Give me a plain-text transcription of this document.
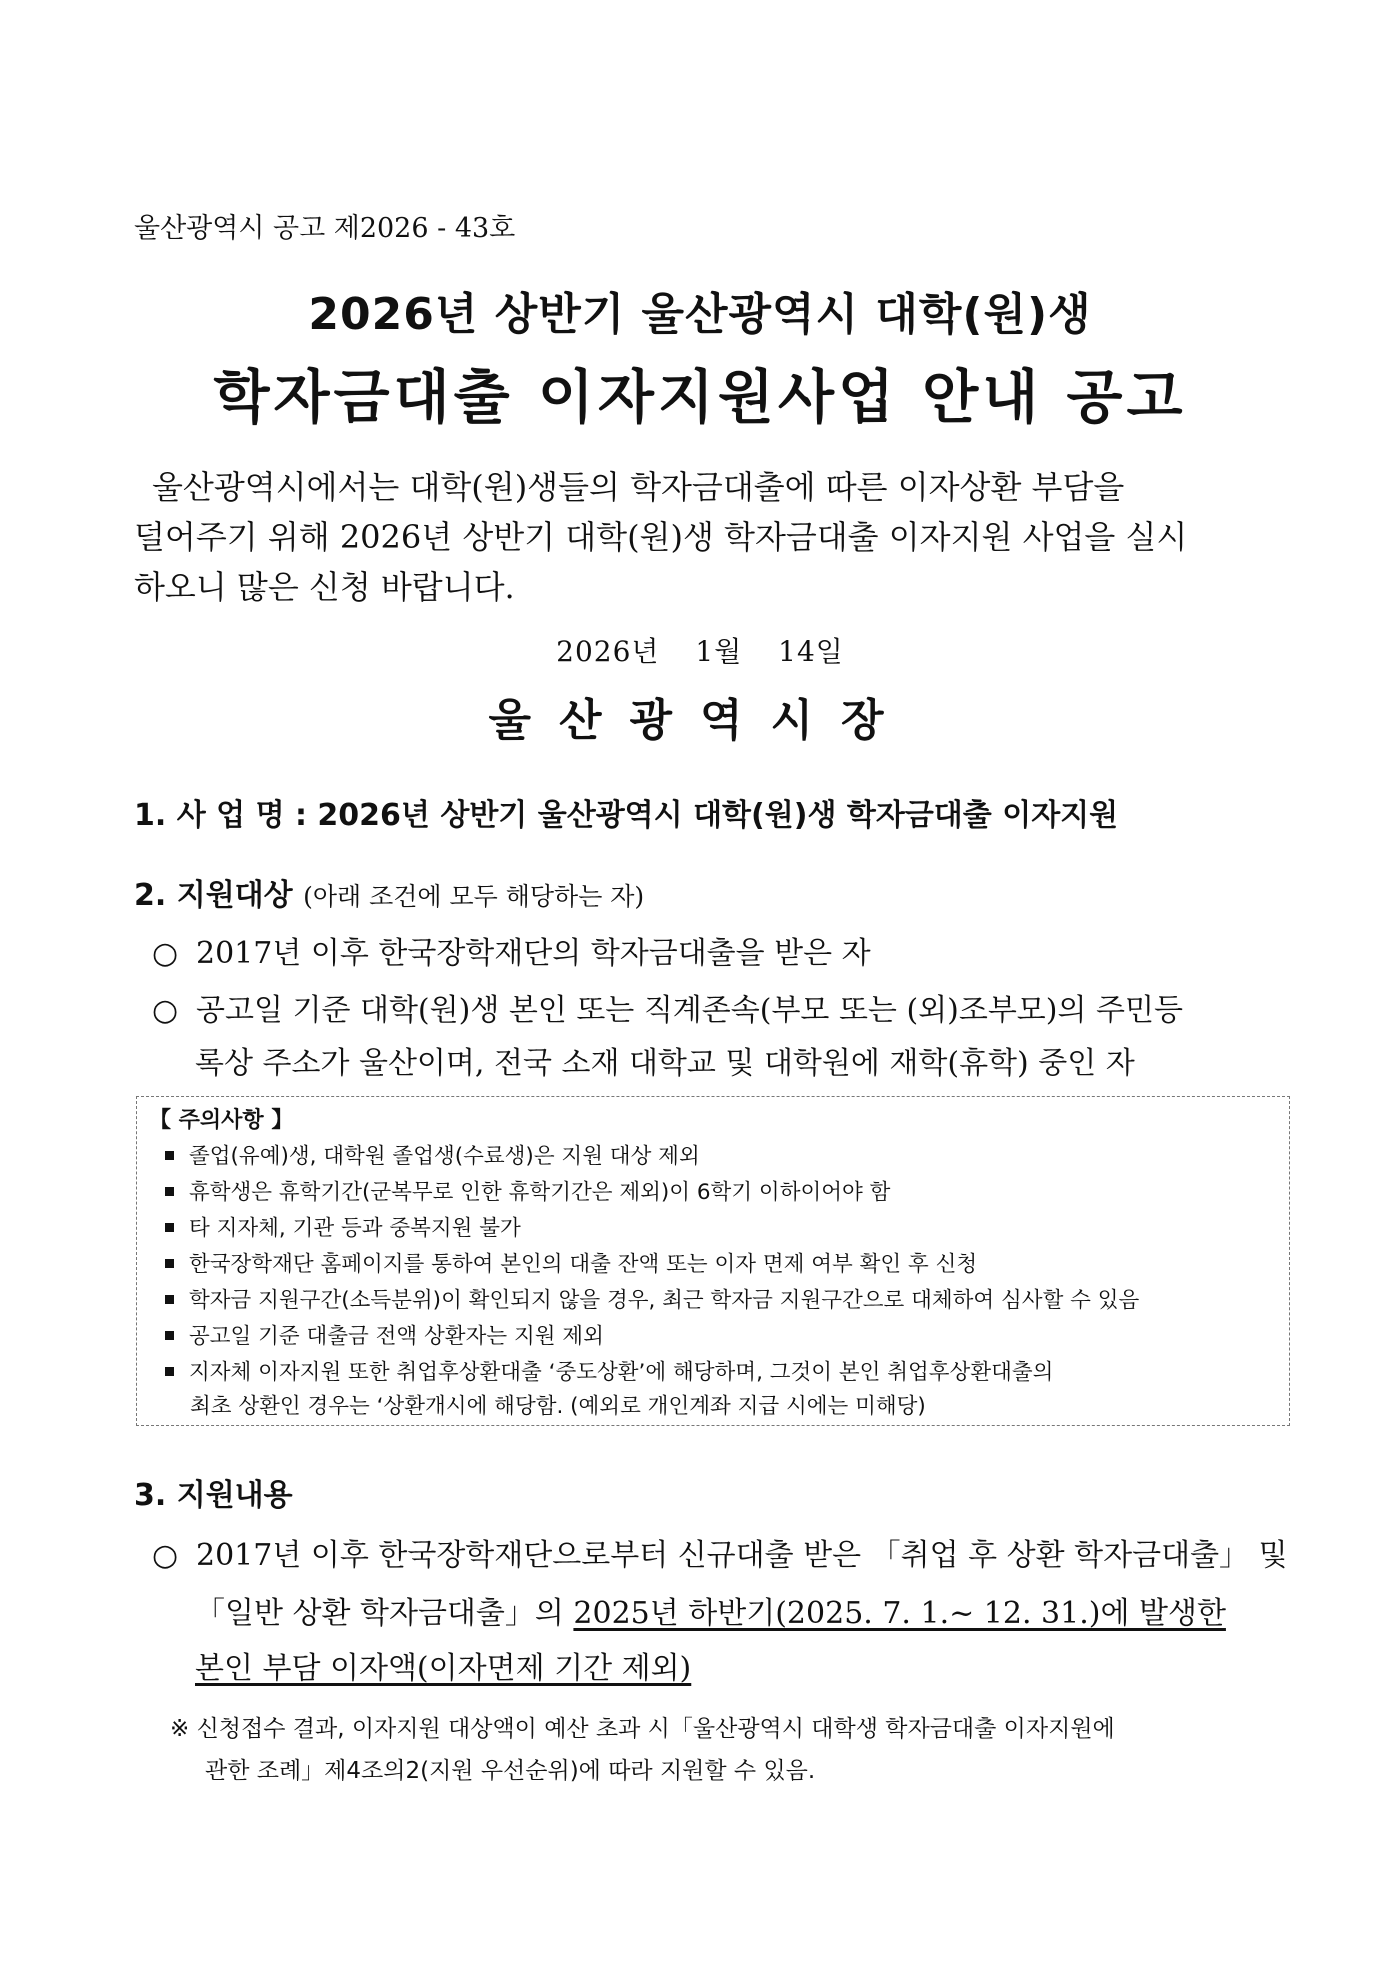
울산광역시 공고 제2026 - 43호
2026년 상반기 울산광역시 대학(원)생
학자금대출 이자지원사업 안내 공고
울산광역시에서는 대학(원)생들의 학자금대출에 따른 이자상환 부담을
덜어주기 위해 2026년 상반기 대학(원)생 학자금대출 이자지원 사업을 실시
하오니 많은 신청 바랍니다.
2026년 1월 14일
울산광역시장
1. 사 업 명 : 2026년 상반기 울산광역시 대학(원)생 학자금대출 이자지원
2. 지원대상 (아래 조건에 모두 해당하는 자)
○ 2017년 이후 한국장학재단의 학자금대출을 받은 자
○ 공고일 기준 대학(원)생 본인 또는 직계존속(부모 또는 (외)조부모)의 주민등
록상 주소가 울산이며, 전국 소재 대학교 및 대학원에 재학(휴학) 중인 자
【 주의사항 】
졸업(유예)생, 대학원 졸업생(수료생)은 지원 대상 제외
휴학생은 휴학기간(군복무로 인한 휴학기간은 제외)이 6학기 이하이어야 함
타 지자체, 기관 등과 중복지원 불가
한국장학재단 홈페이지를 통하여 본인의 대출 잔액 또는 이자 면제 여부 확인 후 신청
학자금 지원구간(소득분위)이 확인되지 않을 경우, 최근 학자금 지원구간으로 대체하여 심사할 수 있음
공고일 기준 대출금 전액 상환자는 지원 제외
지자체 이자지원 또한 취업후상환대출 ‘중도상환’에 해당하며, 그것이 본인 취업후상환대출의
최초 상환인 경우는 ‘상환개시에 해당함. (예외로 개인계좌 지급 시에는 미해당)
3. 지원내용
○ 2017년 이후 한국장학재단으로부터 신규대출 받은 「취업 후 상환 학자금대출」 및
「일반 상환 학자금대출」의 2025년 하반기(2025. 7. 1.~ 12. 31.)에 발생한
본인 부담 이자액(이자면제 기간 제외)
※ 신청접수 결과, 이자지원 대상액이 예산 초과 시「울산광역시 대학생 학자금대출 이자지원에
관한 조례」제4조의2(지원 우선순위)에 따라 지원할 수 있음.
